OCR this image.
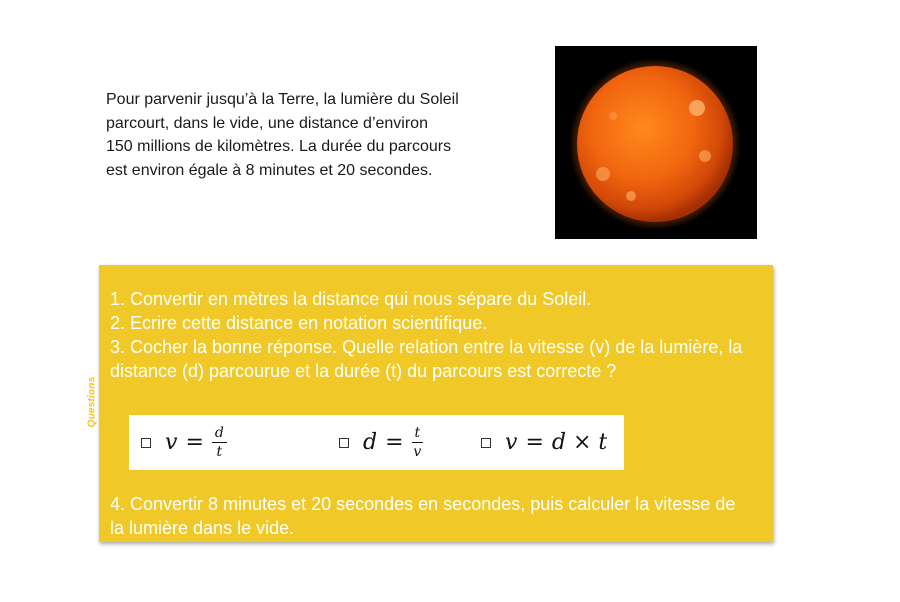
Pour parvenir jusqu’à la Terre, la lumière du Soleil

parcourt, dans le vide, une distance d’environ

150 millions de kilomètres. La durée du parcours

est environ égale à 8 minutes et 20 secondes.

Questions

1. Convertir en mètres la distance qui nous sépare du Soleil.

2. Ecrire cette distance en notation scientifique.

3. Cocher la bonne réponse. Quelle relation entre la vitesse (v) de la lumière, la distance (d) parcourue et la durée (t) du parcours est correcte ?

$v = \frac{d}{t}$	$d = \frac{t}{v}$	v = d × t

4. Convertir 8 minutes et 20 secondes en secondes, puis calculer la vitesse de la lumière dans le vide.
